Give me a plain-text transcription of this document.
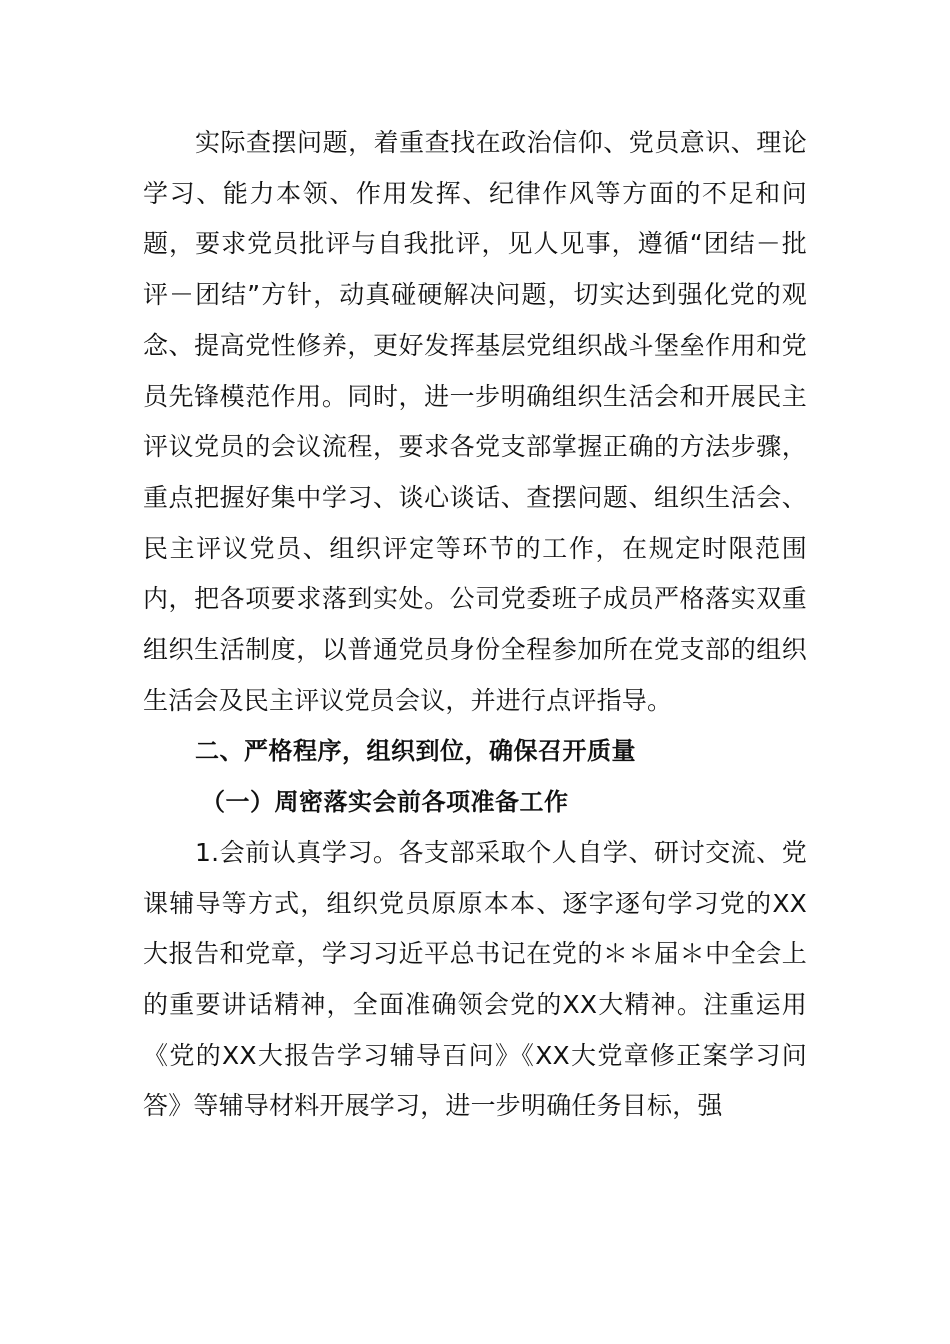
实际查摆问题，着重查找在政治信仰、党员意识、理论学习、能力本领、作用发挥、纪律作风等方面的不足和问题，要求党员批评与自我批评，见人见事，遵循“团结－批评－团结”方针，动真碰硬解决问题，切实达到强化党的观念、提高党性修养，更好发挥基层党组织战斗堡垒作用和党员先锋模范作用。同时，进一步明确组织生活会和开展民主评议党员的会议流程，要求各党支部掌握正确的方法步骤，重点把握好集中学习、谈心谈话、查摆问题、组织生活会、民主评议党员、组织评定等环节的工作，在规定时限范围内，把各项要求落到实处。公司党委班子成员严格落实双重组织生活制度，以普通党员身份全程参加所在党支部的组织生活会及民主评议党员会议，并进行点评指导。

二、严格程序，组织到位，确保召开质量

（一）周密落实会前各项准备工作

1.会前认真学习。各支部采取个人自学、研讨交流、党课辅导等方式，组织党员原原本本、逐字逐句学习党的XX大报告和党章，学习习近平总书记在党的＊＊届＊中全会上的重要讲话精神，全面准确领会党的XX大精神。注重运用《党的XX大报告学习辅导百问》《XX大党章修正案学习问答》等辅导材料开展学习，进一步明确任务目标，强
